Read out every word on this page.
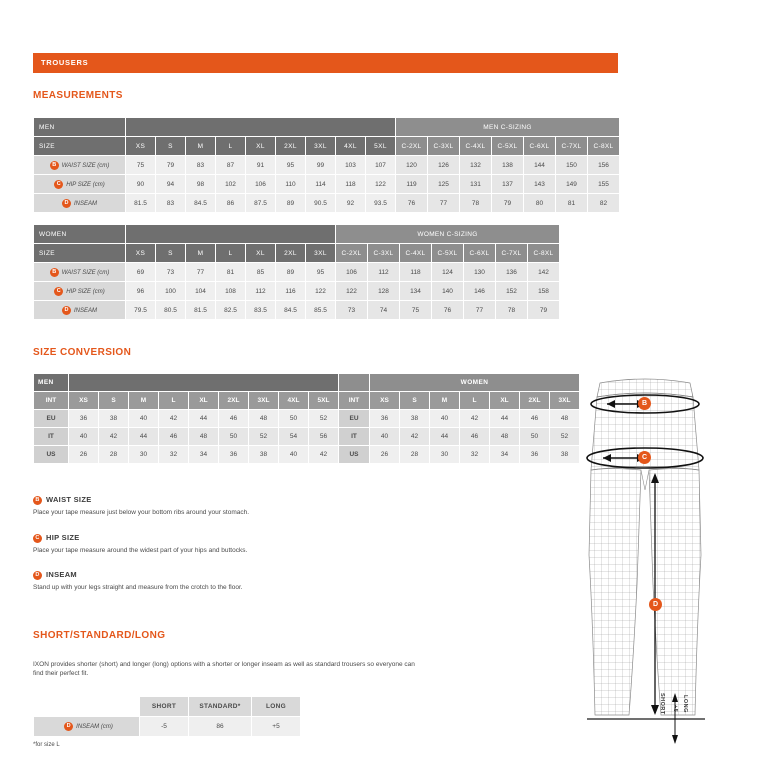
TROUSERS
MEASUREMENTS
MEN										MEN C-SIZING						
SIZE	XS	S	M	L	XL	2XL	3XL	4XL	5XL	C-2XL	C-3XL	C-4XL	C-5XL	C-6XL	C-7XL	C-8XL
B WAIST SIZE (cm)	75	79	83	87	91	95	99	103	107	120	126	132	138	144	150	156
C HIP SIZE (cm)	90	94	98	102	106	110	114	118	122	119	125	131	137	143	149	155
D INSEAM	81.5	83	84.5	86	87.5	89	90.5	92	93.5	76	77	78	79	80	81	82
WOMEN								WOMEN C-SIZING						
SIZE	XS	S	M	L	XL	2XL	3XL	C-2XL	C-3XL	C-4XL	C-5XL	C-6XL	C-7XL	C-8XL
B WAIST SIZE (cm)	69	73	77	81	85	89	95	106	112	118	124	130	136	142
C HIP SIZE (cm)	96	100	104	108	112	116	122	122	128	134	140	146	152	158
D INSEAM	79.5	80.5	81.5	82.5	83.5	84.5	85.5	73	74	75	76	77	78	79
SIZE CONVERSION
MEN											WOMEN						
INT	XS	S	M	L	XL	2XL	3XL	4XL	5XL	INT	XS	S	M	L	XL	2XL	3XL
EU	36	38	40	42	44	46	48	50	52	EU	36	38	40	42	44	46	48
IT	40	42	44	46	48	50	52	54	56	IT	40	42	44	46	48	50	52
US	26	28	30	32	34	36	38	40	42	US	26	28	30	32	34	36	38

B WAIST SIZE

Place your tape measure just below your bottom ribs around your stomach.

C HIP SIZE

Place your tape measure around the widest part of your hips and buttocks.

D INSEAM

Stand up with your legs straight and measure from the crotch to the floor.

SHORT/STANDARD/LONG
IXON provides shorter (short) and longer (long) options with a shorter or longer inseam as well as standard trousers so everyone can find their perfect fit.
	SHORT	STANDARD*	LONG
D INSEAM (cm)	-5	86	+5
*for size L
B
C
D
SHORT +5 LONG
